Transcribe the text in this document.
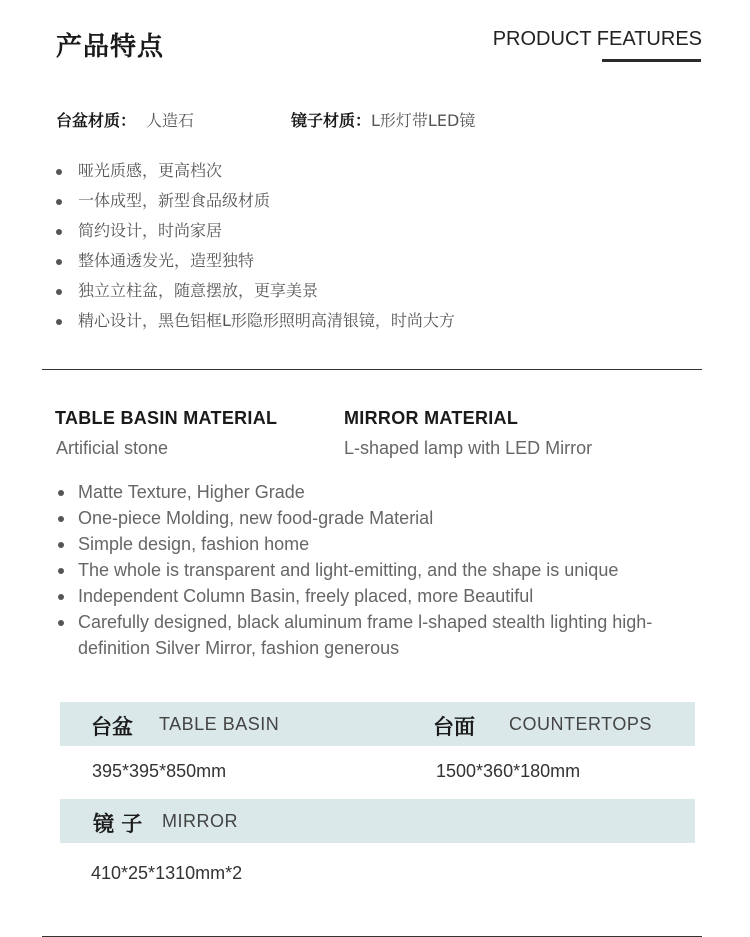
产品特点	PRODUCT FEATURES
台盆材质： 人造石	镜子材质：L形灯带LED镜
哑光质感，更高档次
一体成型，新型食品级材质
简约设计，时尚家居
整体通透发光，造型独特
独立立柱盆，随意摆放，更享美景
精心设计，黑色铝框L形隐形照明高清银镜，时尚大方
TABLE BASIN MATERIAL
Artificial stone
MIRROR MATERIAL
L-shaped lamp with LED Mirror
Matte Texture, Higher Grade
One-piece Molding, new food-grade Material
Simple design, fashion home
The whole is transparent and light-emitting, and the shape is unique
Independent Column Basin, freely placed, more Beautiful
Carefully designed, black aluminum frame l-shaped stealth lighting high-definition Silver Mirror, fashion generous
台盆 TABLE BASIN	台面 COUNTERTOPS
395*395*850mm	1500*360*180mm
镜 子 MIRROR
410*25*1310mm*2
